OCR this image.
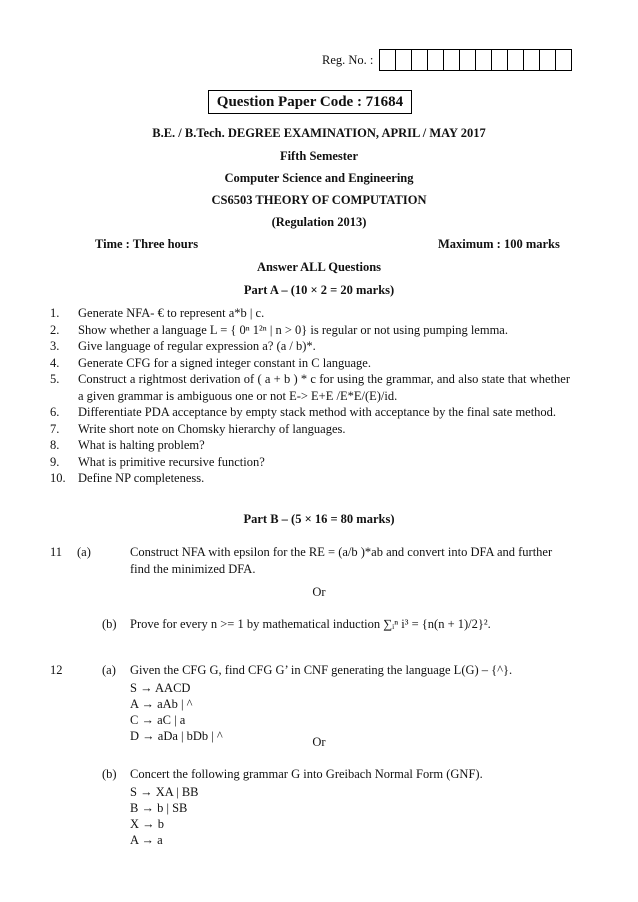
Reg. No. :
Question Paper Code : 71684
B.E. / B.Tech. DEGREE EXAMINATION, APRIL / MAY 2017
Fifth Semester
Computer Science and Engineering
CS6503 THEORY OF COMPUTATION
(Regulation 2013)
Time : Three hours	Maximum : 100 marks
Answer ALL Questions
Part A – (10 × 2 = 20 marks)
1. Generate NFA- € to represent a*b | c.
2. Show whether a language L = { 0ⁿ 1²ⁿ | n > 0} is regular or not using pumping lemma.
3. Give language of regular expression a? (a / b)*.
4. Generate CFG for a signed integer constant in C language.
5. Construct a rightmost derivation of ( a + b ) * c for using the grammar, and also state that whether a given grammar is ambiguous one or not E-> E+E /E*E/(E)/id.
6. Differentiate PDA acceptance by empty stack method with acceptance by the final sate method.
7. Write short note on Chomsky hierarchy of languages.
8. What is halting problem?
9. What is primitive recursive function?
10. Define NP completeness.
Part B – (5 × 16 = 80 marks)
11 (a)	Construct NFA with epsilon for the RE = (a/b )*ab and convert into DFA and further
find the minimized DFA.
Or
(b) Prove for every n >= 1 by mathematical induction ∑ᵢⁿ i³ = {n(n + 1)/2}².
12	(a) Given the CFG G, find CFG G’ in CNF generating the language L(G) – {^}.
S → AACD
A → aAb | ^
C → aC | a
D → aDa | bDb | ^	Or
(b) Concert the following grammar G into Greibach Normal Form (GNF).
S → XA | BB
B → b | SB
X → b
A → a
